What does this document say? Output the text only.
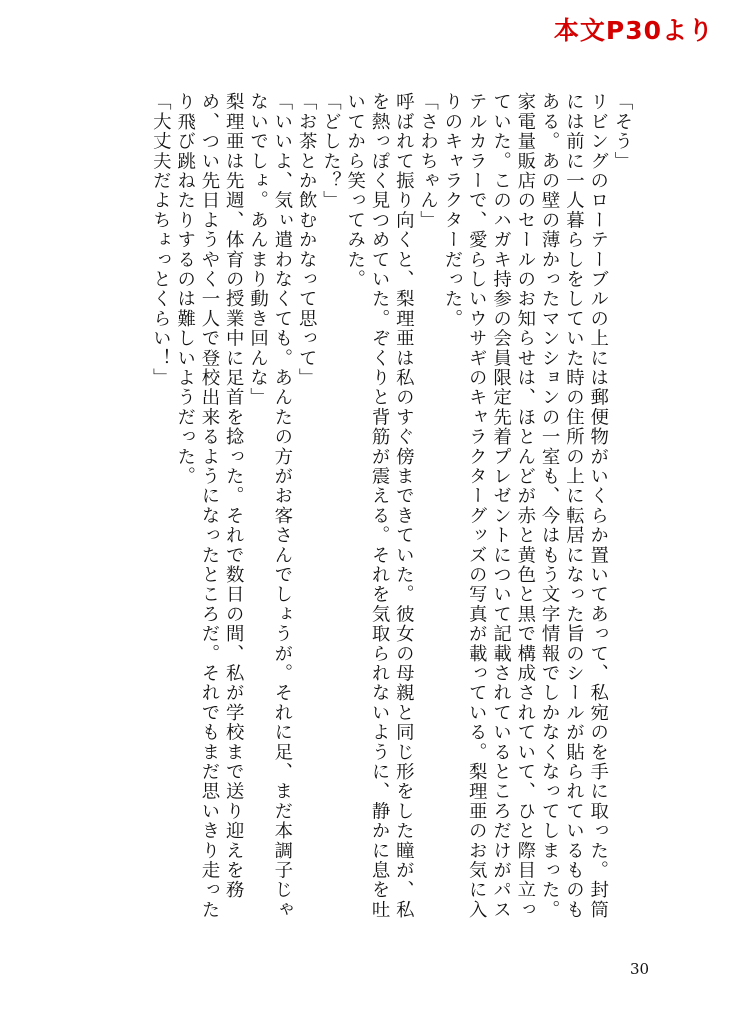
本文P30より

「そう」

リビングのローテーブルの上には郵便物がいくらか置いてあって、私宛のを手に取った。封筒には前に一人暮らしをしていた時の住所の上に転居になった旨のシールが貼られているものもある。あの壁の薄かったマンションの一室も、今はもう文字情報でしかなくなってしまった。

家電量販店のセールのお知らせは、ほとんどが赤と黄色と黒で構成されていて、ひと際目立っていた。このハガキ持参の会員限定先着プレゼントについて記載されているところだけがパステルカラーで、愛らしいウサギのキャラクターグッズの写真が載っている。梨理亜のお気に入りのキャラクターだった。

「さわちゃん」

呼ばれて振り向くと、梨理亜は私のすぐ傍まできていた。彼女の母親と同じ形をした瞳が、私を熱っぽく見つめていた。ぞくりと背筋が震える。それを気取られないように、静かに息を吐いてから笑ってみた。

「どした？」

「お茶とか飲むかなって思って」

「いいよ、気ぃ遣わなくても。あんたの方がお客さんでしょうが。それに足、まだ本調子じゃないでしょ。あんまり動き回んな」

梨理亜は先週、体育の授業中に足首を捻った。それで数日の間、私が学校まで送り迎えを務め、つい先日ようやく一人で登校出来るようになったところだ。それでもまだ思いきり走ったり飛び跳ねたりするのは難しいようだった。

「大丈夫だよちょっとくらい！」

30
